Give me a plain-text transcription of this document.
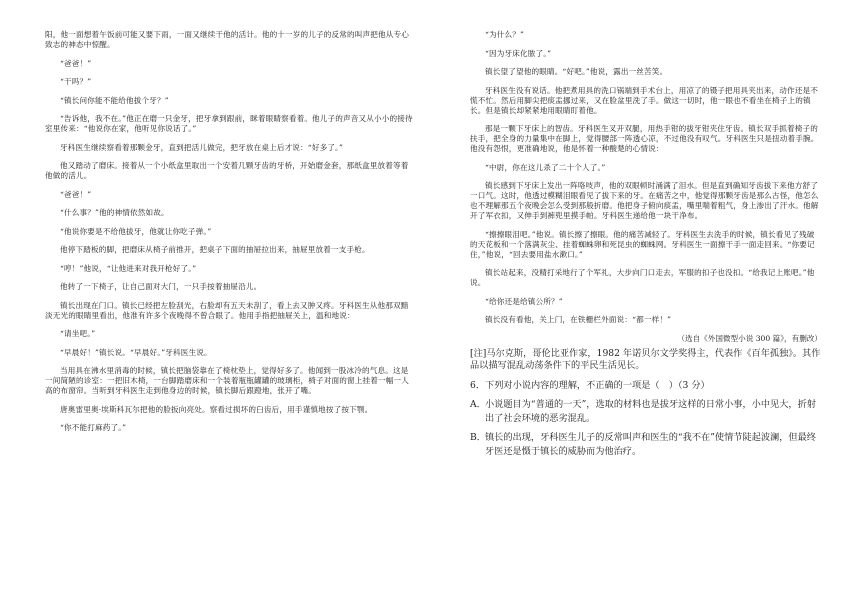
阳，他一面想着午饭前可能又要下雨，一面又继续干他的活计。他的十一岁的儿子的反常的叫声把他从专心致志的神态中惊醒。

“爸爸！”

“干吗？”

“镇长问你能不能给他拔个牙？”

“告诉他，我不在。”他正在磨一只金牙，把牙拿到跟前，眯着眼睛察看着。他儿子的声音又从小小的接待室里传来：“他说你在家，他听见你说话了。”

牙科医生继续察看着那颗金牙，直到把活儿做完，把牙放在桌上后才说：“好多了。”

他又踏动了磨床。接着从一个小纸盒里取出一个安着几颗牙齿的牙桥，开始磨金套，那纸盒里放着等着他做的活儿。

“爸爸！”

“什么事？”他的神情依然如故。

“他说你要是不给他拔牙，他就让你吃子弹。”

他停下踏板的脚，把磨床从椅子前推开，把桌子下面的抽屉拉出来，抽屉里放着一支手枪。

“哼！”他说，“让他进来对我开枪好了。”

他转了一下椅子，让自己面对大门，一只手按着抽屉沿儿。

镇长出现在门口。镇长已经把左脸刮光，右脸却有五天未刮了，看上去又肿又疼。牙科医生从他那双黯淡无光的眼睛里看出，他准有许多个夜晚得不曾合眼了。他用手指把抽屉关上，温和地说：

“请坐吧。”

“早晨好！”镇长说。“早晨好。”牙科医生说。

当用具在沸水里消毒的时候，镇长把脑袋靠在了椅枕垫上，觉得好多了。他闻到一股冰冷的气息。这是一间简陋的诊室：一把旧木椅，一台脚踏磨床和一个装着瓶瓶罐罐的玻璃柜，椅子对面的窗上挂着一幅一人高的布窗帘。当听到牙科医生走到他身边的时候，镇长脚后跟蹬地，张开了嘴。

唐奥雷里奥·埃斯科瓦尔把他的脸扳向亮处。察看过损坏的臼齿后，用手谨慎地按了按下颚。

“你不能打麻药了。”

“为什么？”

“因为牙床化脓了。”

镇长望了望他的眼睛。“好吧。”他说，露出一丝苦笑。

牙科医生没有说话。他把煮用具的洗口锅端到手术台上，用凉了的镊子把用具夹出来，动作还是不慌不忙。然后用脚尖把痰盂挪过来，又在脸盆里洗了手。做这一切时，他一眼也不看坐在椅子上的镇长。但是镇长却紧紧地用眼睛盯着他。

那是一颗下牙床上的智齿。牙科医生叉开双腿，用热手钳的拔牙钳夹住牙齿。镇长双手抓着椅子的扶手，把全身的力量集中在脚上，觉得腰部一阵透心凉，不过他没有叹气。牙科医生只是扭动着手腕。他没有怨恨，更准确地说，他是怀着一种酸楚的心情说：

“中尉，你在这儿杀了二十个人了。”

镇长感到下牙床上发出一阵咯吱声，他的双眼顿时涌满了泪水。但是直到确知牙齿拔下来他方舒了一口气。这时，他透过模糊泪眼看见了拔下来的牙。在痛苦之中，他觉得那颗牙齿是那么古怪，他怎么也不理解那五个夜晚会怎么受到那般折磨。他把身子俯向痰盂，嘴里喘着粗气，身上渗出了汗水。他解开了军衣扣，又伸手到裤兜里摸手帕。牙科医生递给他一块干净布。

“擦擦眼泪吧。”他说。镇长擦了擦眼。他的痛苦减轻了。牙科医生去洗手的时候，镇长看见了残破的天花板和一个落满灰尘、挂着蜘蛛卵和死昆虫的蜘蛛网。牙科医生一面擦干手一面走回来。“你要记住，”他说，“回去要用盐水漱口。”

镇长站起来，没精打采地行了个军礼，大步向门口走去，军服的扣子也没扣。“给我记上账吧。”他说。

“给你还是给镇公所？”

镇长没有看他，关上门，在铁栅栏外面说：“都一样！”

（选自《外国微型小说 300 篇》，有删改）

[注]马尔克斯，哥伦比亚作家，1982 年诺贝尔文学奖得主，代表作《百年孤独》。其作品以描写混乱动荡条件下的平民生活见长。

6．下列对小说内容的理解，不正确的一项是（　）（3 分）

A．小说题目为“普通的一天”，选取的材料也是拔牙这样的日常小事，小中见大，折射出了社会环境的恶劣混乱。

B．镇长的出现，牙科医生儿子的反常叫声和医生的“我不在”使情节陡起波澜，但最终牙医还是慑于镇长的威胁而为他治疗。
